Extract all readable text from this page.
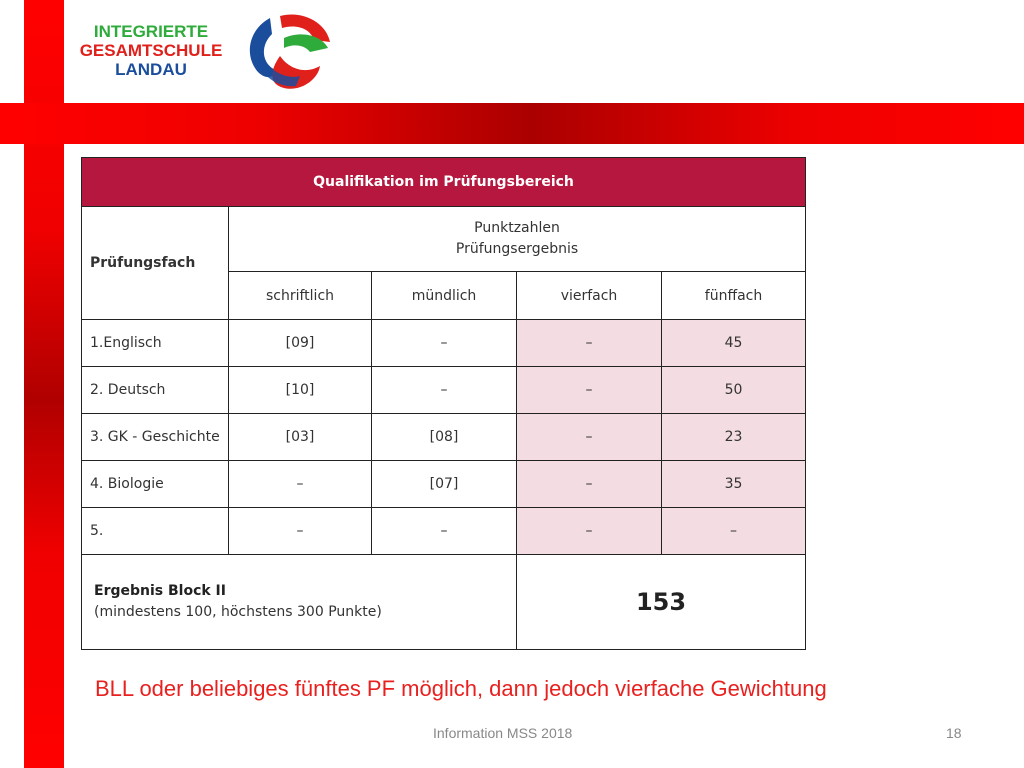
INTEGRIERTE
GESAMTSCHULE
LANDAU
Qualifikation im Prüfungsbereich				
Prüfungsfach	Punktzahlen
Prüfungsergebnis			
	schriftlich	mündlich	vierfach	fünffach
1.Englisch	[09]	–	–	45
2. Deutsch	[10]	–	–	50
3. GK - Geschichte	[03]	[08]	–	23
4. Biologie	–	[07]	–	35
5.	–	–	–	–
Ergebnis Block II
(mindestens 100, höchstens 300 Punkte)			153	
BLL oder beliebiges fünftes PF möglich, dann jedoch vierfache Gewichtung
Information MSS 2018	18
